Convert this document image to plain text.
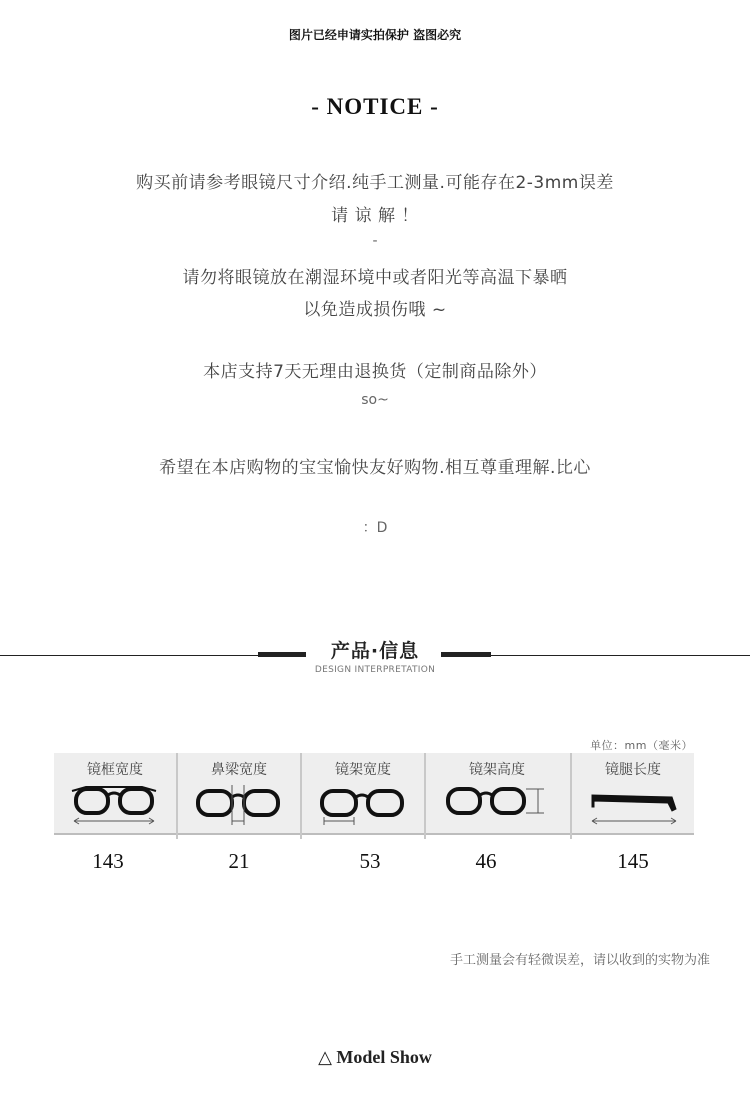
图片已经申请实拍保护 盗图必究
- NOTICE -
购买前请参考眼镜尺寸介绍.纯手工测量.可能存在2-3mm误差
请 谅 解 ！
-
请勿将眼镜放在潮湿环境中或者阳光等高温下暴晒
以免造成损伤哦 ~
本店支持7天无理由退换货（定制商品除外）
so~
希望在本店购物的宝宝愉快友好购物.相互尊重理解.比心
：D
产品·信息
DESIGN INTERPRETATION
单位：mm（毫米）
镜框宽度	鼻梁宽度	镜架宽度	镜架高度	镜腿长度
143	21	53	46	145
手工测量会有轻微误差，请以收到的实物为准
△ Model Show
